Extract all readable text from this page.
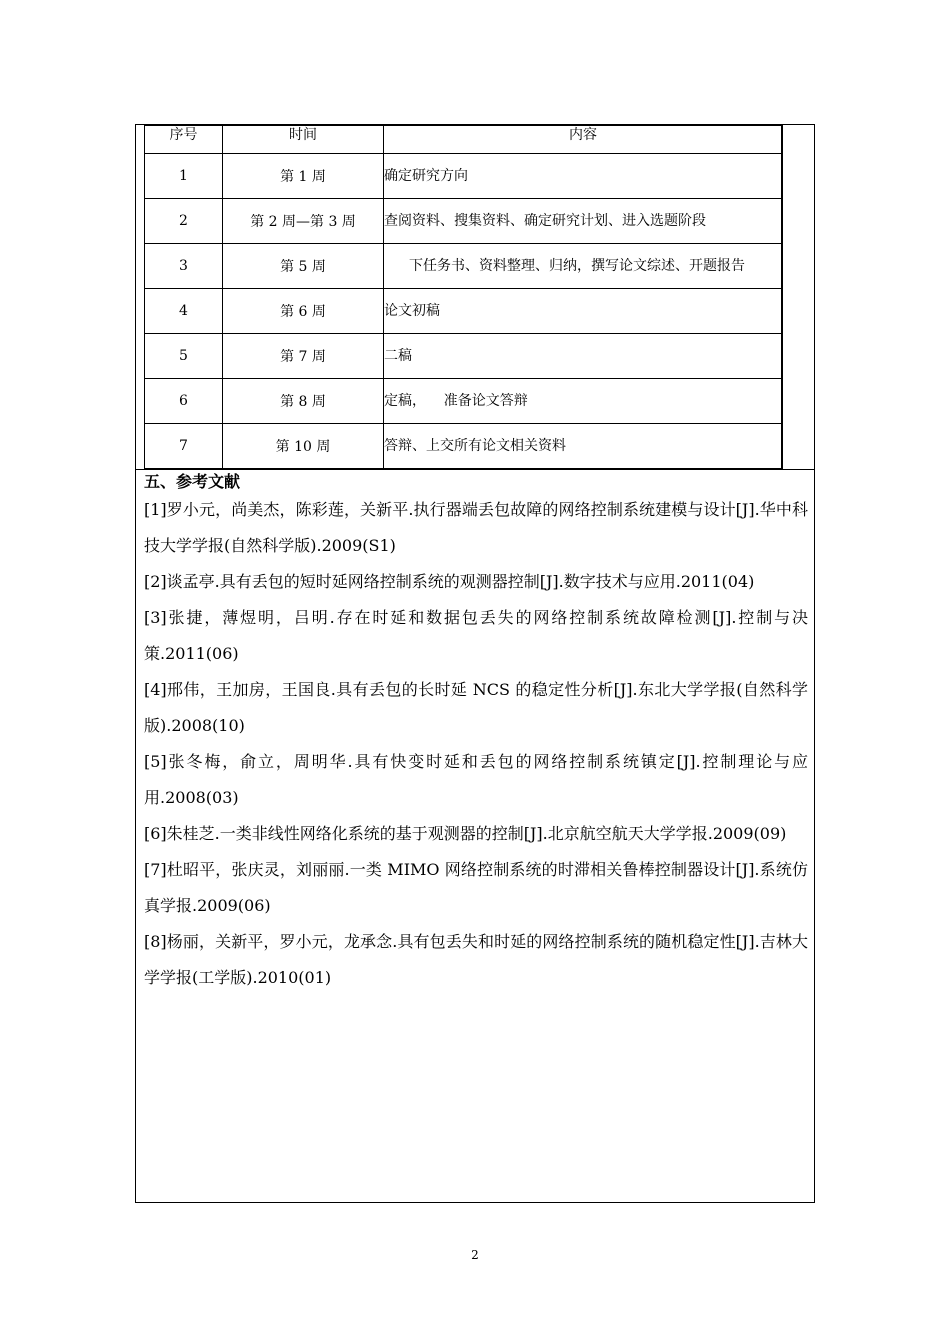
序号	时间	内容
1	第 1 周	确定研究方向
2	第 2 周—第 3 周	查阅资料、搜集资料、确定研究计划、进入选题阶段
3	第 5 周	下任务书、资料整理、归纳，撰写论文综述、开题报告
4	第 6 周	论文初稿
5	第 7 周	二稿
6	第 8 周	定稿，    准备论文答辩
7	第 10 周	答辩、上交所有论文相关资料
五、参考文献

[1]罗小元，尚美杰，陈彩莲，关新平.执行器端丢包故障的网络控制系统建模与设计[J].华中科技大学学报(自然科学版).2009(S1)

[2]谈孟亭.具有丢包的短时延网络控制系统的观测器控制[J].数字技术与应用.2011(04)

[3]张捷，薄煜明，吕明.存在时延和数据包丢失的网络控制系统故障检测[J].控制与决策.2011(06)

[4]邢伟，王加房，王国良.具有丢包的长时延 NCS 的稳定性分析[J].东北大学学报(自然科学版).2008(10)

[5]张冬梅，俞立，周明华.具有快变时延和丢包的网络控制系统镇定[J].控制理论与应用.2008(03)

[6]朱桂芝.一类非线性网络化系统的基于观测器的控制[J].北京航空航天大学学报.2009(09)

[7]杜昭平，张庆灵，刘丽丽.一类 MIMO 网络控制系统的时滞相关鲁棒控制器设计[J].系统仿真学报.2009(06)

[8]杨丽，关新平，罗小元，龙承念.具有包丢失和时延的网络控制系统的随机稳定性[J].吉林大学学报(工学版).2010(01)

2
